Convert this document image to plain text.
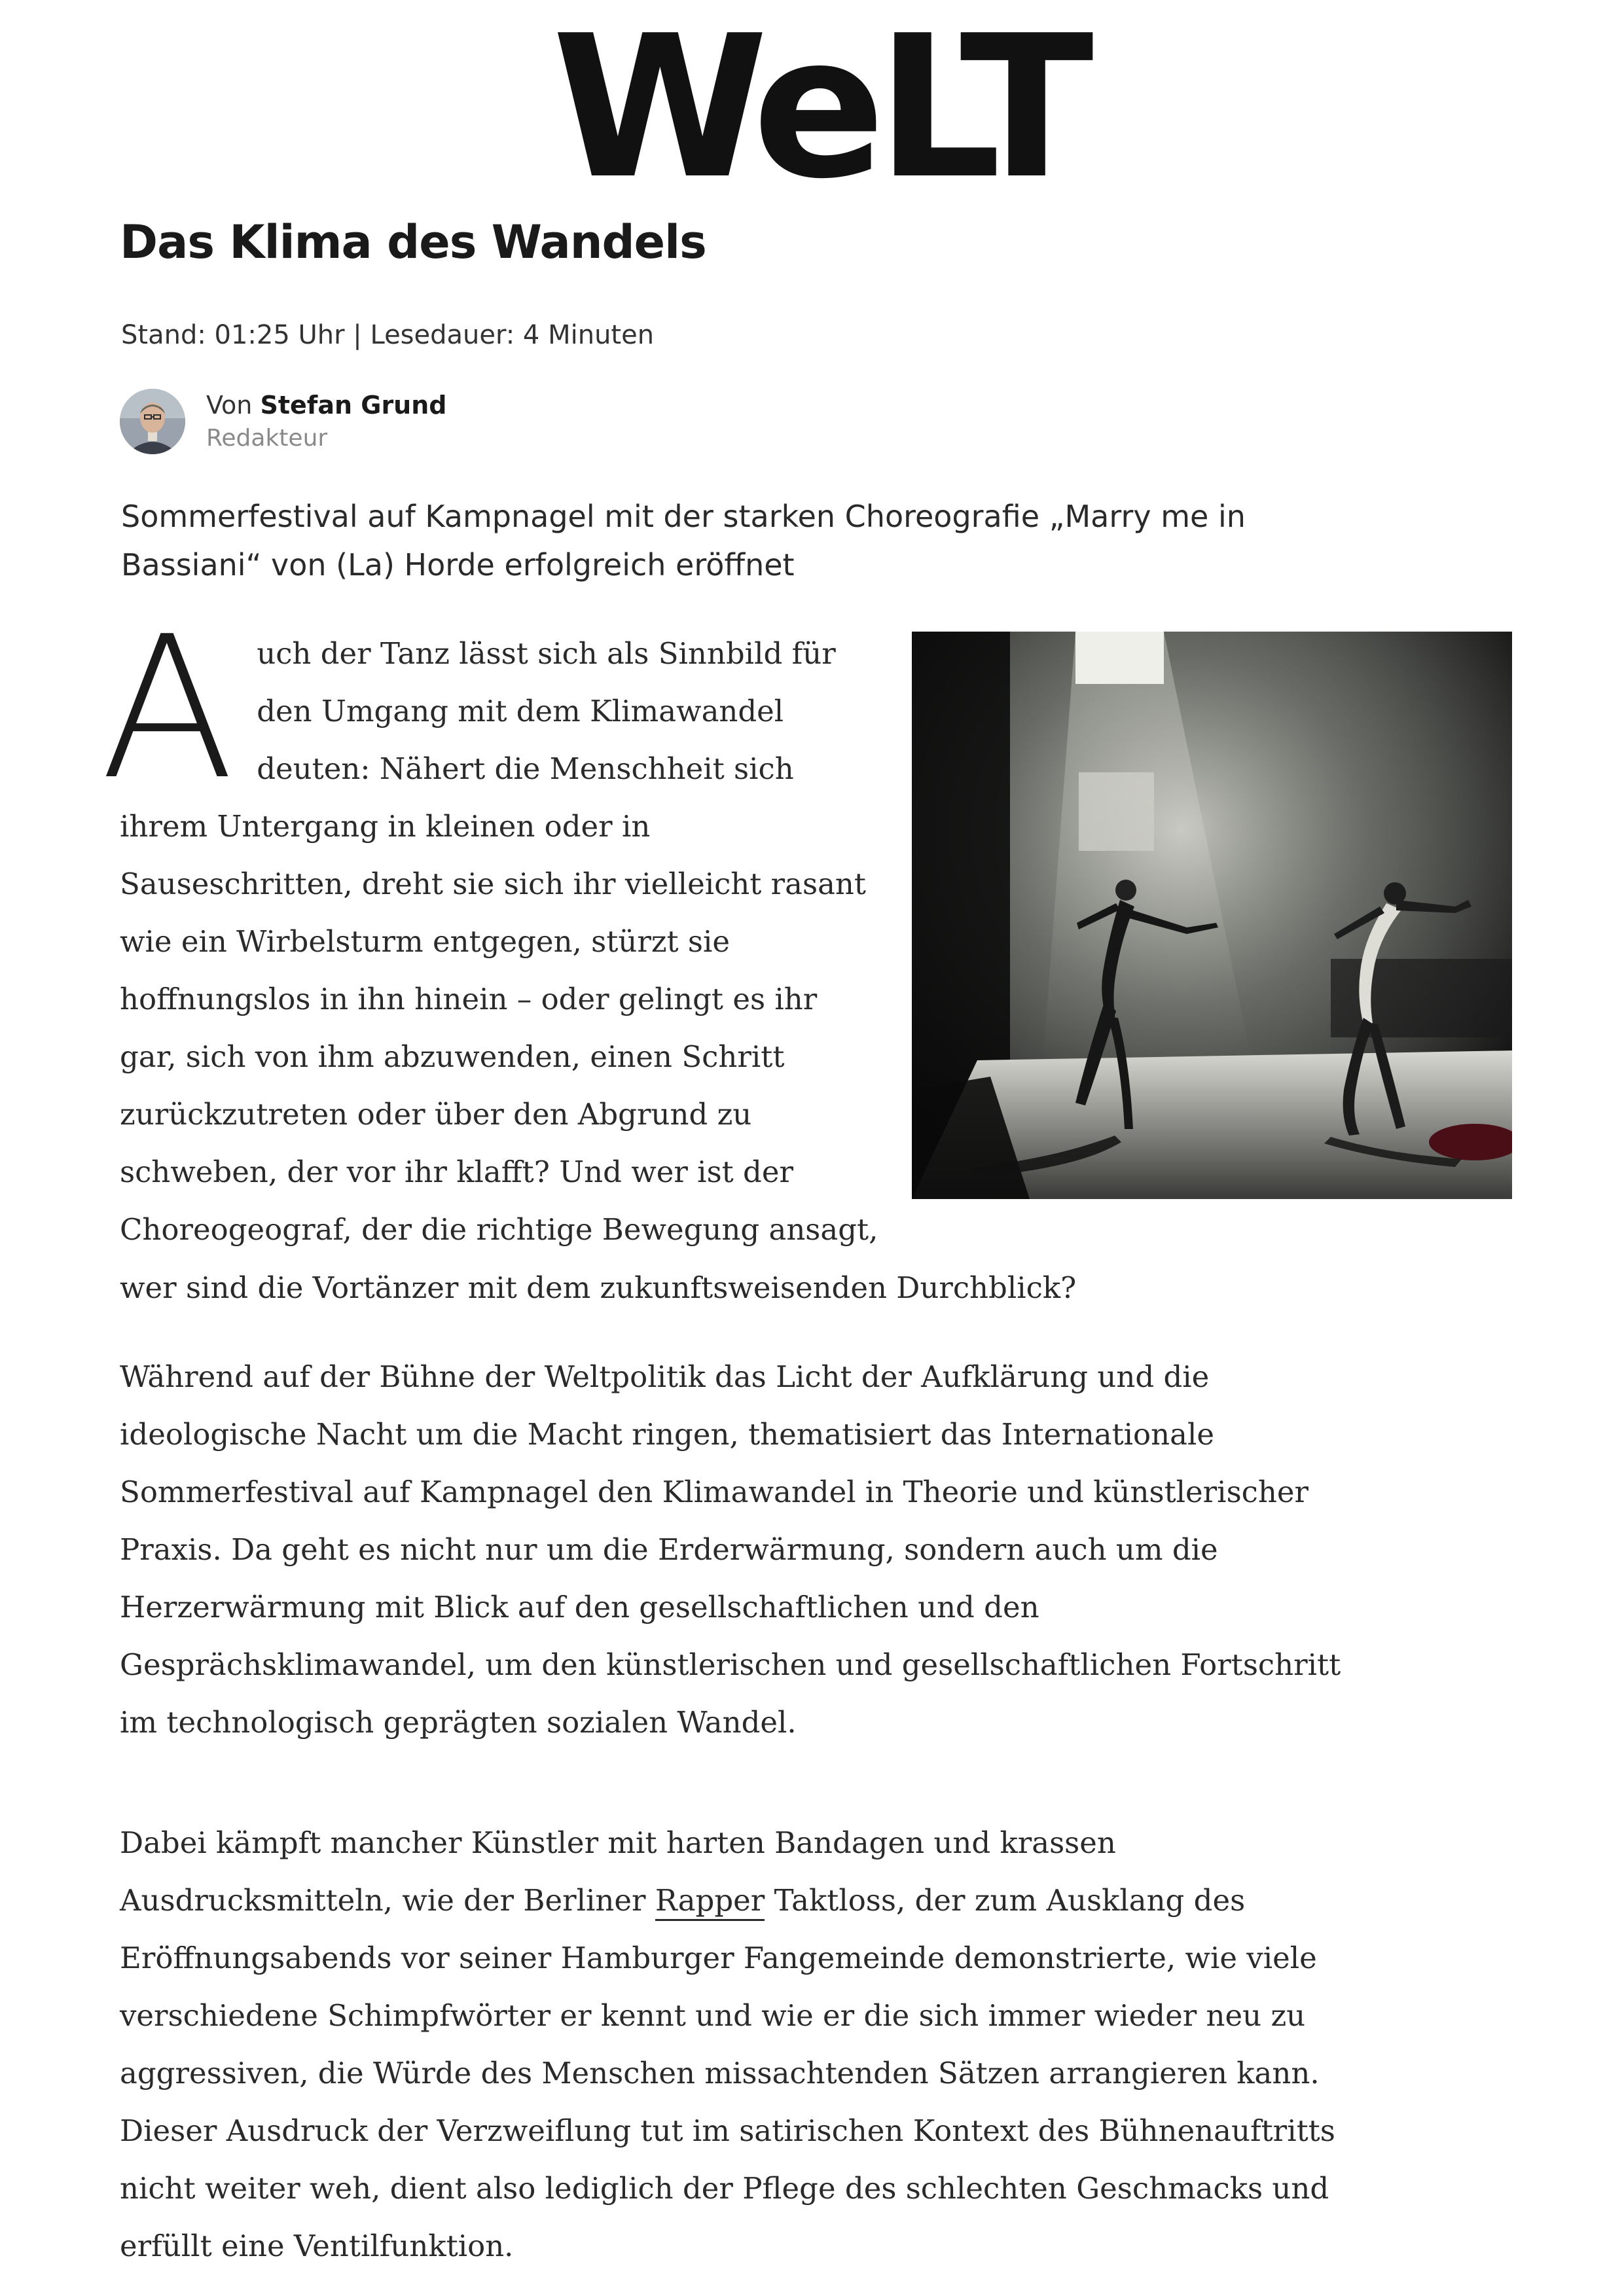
WeLT
Das Klima des Wandels
Stand: 01:25 Uhr | Lesedauer: 4 Minuten
Von Stefan Grund
Redakteur
Sommerfestival auf Kampnagel mit der starken Choreografie „Marry me in Bassiani“ von (La) Horde erfolgreich eröffnet
Auch der Tanz lässt sich als Sinnbild für den Umgang mit dem Klimawandel deuten: Nähert die Menschheit sich ihrem Untergang in kleinen oder in Sauseschritten, dreht sie sich ihr vielleicht rasant wie ein Wirbelsturm entgegen, stürzt sie hoffnungslos in ihn hinein – oder gelingt es ihr gar, sich von ihm abzuwenden, einen Schritt zurückzutreten oder über den Abgrund zu schweben, der vor ihr klafft? Und wer ist der Choreogeograf, der die richtige Bewegung ansagt,
wer sind die Vortänzer mit dem zukunftsweisenden Durchblick?
Während auf der Bühne der Weltpolitik das Licht der Aufklärung und die ideologische Nacht um die Macht ringen, thematisiert das Internationale Sommerfestival auf Kampnagel den Klimawandel in Theorie und künstlerischer Praxis. Da geht es nicht nur um die Erderwärmung, sondern auch um die Herzerwärmung mit Blick auf den gesellschaftlichen und den Gesprächsklimawandel, um den künstlerischen und gesellschaftlichen Fortschritt im technologisch geprägten sozialen Wandel.
Dabei kämpft mancher Künstler mit harten Bandagen und krassen Ausdrucksmitteln, wie der Berliner Rapper Taktloss, der zum Ausklang des Eröffnungsabends vor seiner Hamburger Fangemeinde demonstrierte, wie viele verschiedene Schimpfwörter er kennt und wie er die sich immer wieder neu zu aggressiven, die Würde des Menschen missachtenden Sätzen arrangieren kann. Dieser Ausdruck der Verzweiflung tut im satirischen Kontext des Bühnenauftritts nicht weiter weh, dient also lediglich der Pflege des schlechten Geschmacks und erfüllt eine Ventilfunktion.
